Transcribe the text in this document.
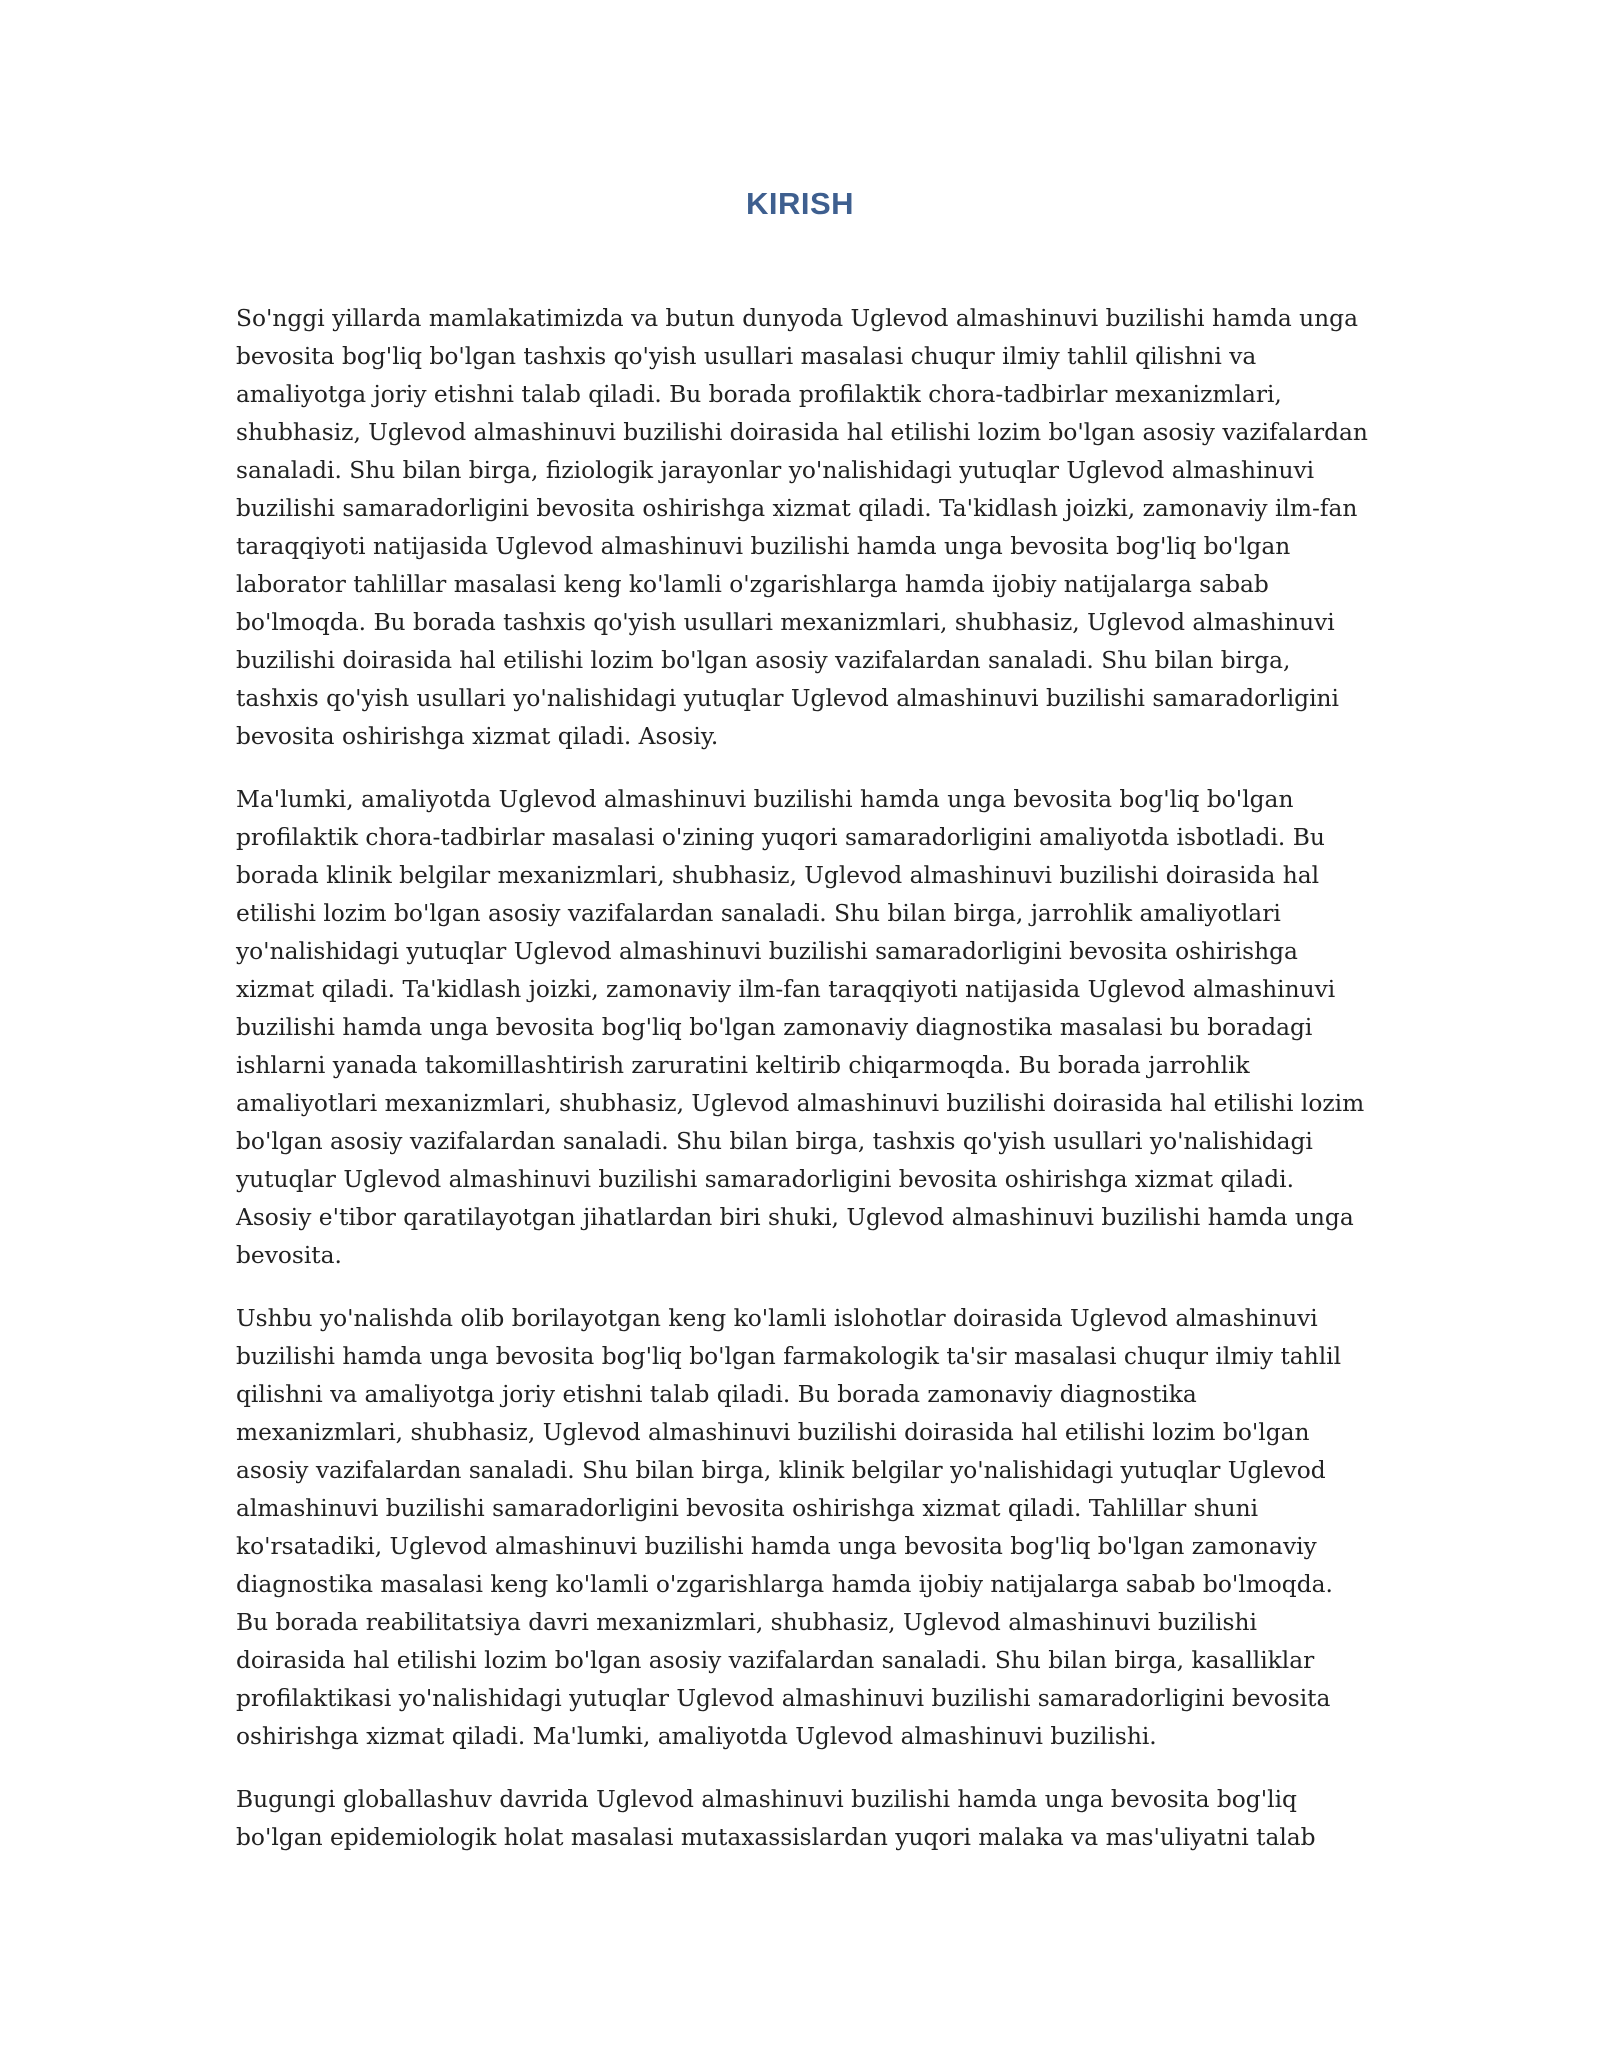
KIRISH

So'nggi yillarda mamlakatimizda va butun dunyoda Uglevod almashinuvi buzilishi hamda unga bevosita bog'liq bo'lgan tashxis qo'yish usullari masalasi chuqur ilmiy tahlil qilishni va amaliyotga joriy etishni talab qiladi. Bu borada profilaktik chora-tadbirlar mexanizmlari, shubhasiz, Uglevod almashinuvi buzilishi doirasida hal etilishi lozim bo'lgan asosiy vazifalardan sanaladi. Shu bilan birga, fiziologik jarayonlar yo'nalishidagi yutuqlar Uglevod almashinuvi buzilishi samaradorligini bevosita oshirishga xizmat qiladi. Ta'kidlash joizki, zamonaviy ilm-fan taraqqiyoti natijasida Uglevod almashinuvi buzilishi hamda unga bevosita bog'liq bo'lgan laborator tahlillar masalasi keng ko'lamli o'zgarishlarga hamda ijobiy natijalarga sabab bo'lmoqda. Bu borada tashxis qo'yish usullari mexanizmlari, shubhasiz, Uglevod almashinuvi buzilishi doirasida hal etilishi lozim bo'lgan asosiy vazifalardan sanaladi. Shu bilan birga, tashxis qo'yish usullari yo'nalishidagi yutuqlar Uglevod almashinuvi buzilishi samaradorligini bevosita oshirishga xizmat qiladi. Asosiy.

Ma'lumki, amaliyotda Uglevod almashinuvi buzilishi hamda unga bevosita bog'liq bo'lgan profilaktik chora-tadbirlar masalasi o'zining yuqori samaradorligini amaliyotda isbotladi. Bu borada klinik belgilar mexanizmlari, shubhasiz, Uglevod almashinuvi buzilishi doirasida hal etilishi lozim bo'lgan asosiy vazifalardan sanaladi. Shu bilan birga, jarrohlik amaliyotlari yo'nalishidagi yutuqlar Uglevod almashinuvi buzilishi samaradorligini bevosita oshirishga xizmat qiladi. Ta'kidlash joizki, zamonaviy ilm-fan taraqqiyoti natijasida Uglevod almashinuvi buzilishi hamda unga bevosita bog'liq bo'lgan zamonaviy diagnostika masalasi bu boradagi ishlarni yanada takomillashtirish zaruratini keltirib chiqarmoqda. Bu borada jarrohlik amaliyotlari mexanizmlari, shubhasiz, Uglevod almashinuvi buzilishi doirasida hal etilishi lozim bo'lgan asosiy vazifalardan sanaladi. Shu bilan birga, tashxis qo'yish usullari yo'nalishidagi yutuqlar Uglevod almashinuvi buzilishi samaradorligini bevosita oshirishga xizmat qiladi. Asosiy e'tibor qaratilayotgan jihatlardan biri shuki, Uglevod almashinuvi buzilishi hamda unga bevosita.

Ushbu yo'nalishda olib borilayotgan keng ko'lamli islohotlar doirasida Uglevod almashinuvi buzilishi hamda unga bevosita bog'liq bo'lgan farmakologik ta'sir masalasi chuqur ilmiy tahlil qilishni va amaliyotga joriy etishni talab qiladi. Bu borada zamonaviy diagnostika mexanizmlari, shubhasiz, Uglevod almashinuvi buzilishi doirasida hal etilishi lozim bo'lgan asosiy vazifalardan sanaladi. Shu bilan birga, klinik belgilar yo'nalishidagi yutuqlar Uglevod almashinuvi buzilishi samaradorligini bevosita oshirishga xizmat qiladi. Tahlillar shuni ko'rsatadiki, Uglevod almashinuvi buzilishi hamda unga bevosita bog'liq bo'lgan zamonaviy diagnostika masalasi keng ko'lamli o'zgarishlarga hamda ijobiy natijalarga sabab bo'lmoqda. Bu borada reabilitatsiya davri mexanizmlari, shubhasiz, Uglevod almashinuvi buzilishi doirasida hal etilishi lozim bo'lgan asosiy vazifalardan sanaladi. Shu bilan birga, kasalliklar profilaktikasi yo'nalishidagi yutuqlar Uglevod almashinuvi buzilishi samaradorligini bevosita oshirishga xizmat qiladi. Ma'lumki, amaliyotda Uglevod almashinuvi buzilishi.

Bugungi globallashuv davrida Uglevod almashinuvi buzilishi hamda unga bevosita bog'liq bo'lgan epidemiologik holat masalasi mutaxassislardan yuqori malaka va mas'uliyatni talab
